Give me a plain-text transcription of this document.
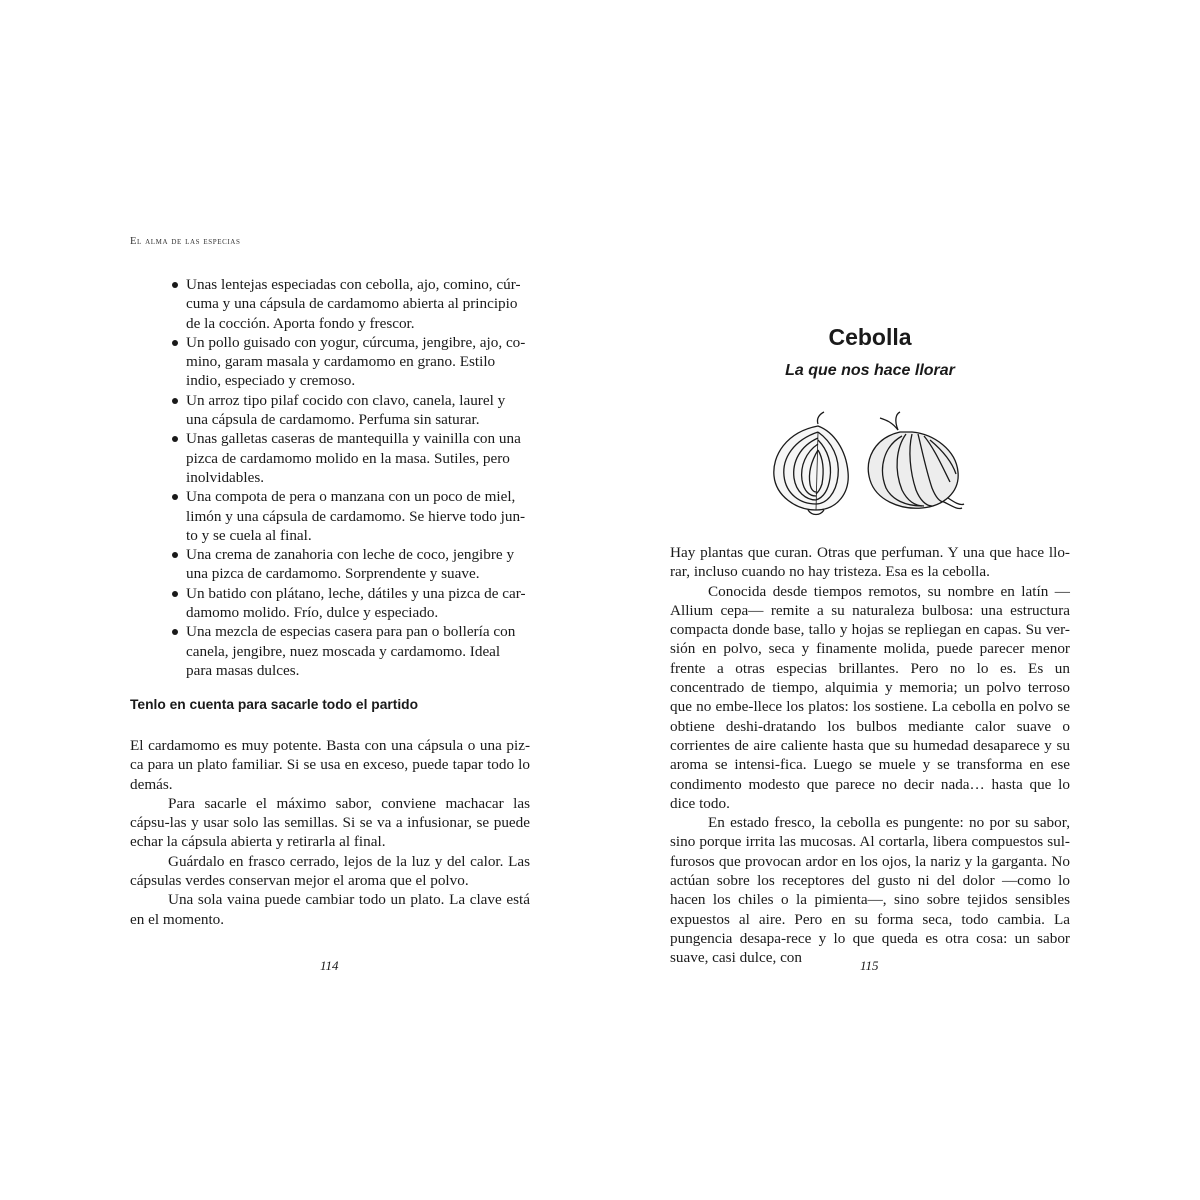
El alma de las especias
Unas lentejas especiadas con cebolla, ajo, comino, cúr-cuma y una cápsula de cardamomo abierta al principio de la cocción. Aporta fondo y frescor.
Un pollo guisado con yogur, cúrcuma, jengibre, ajo, co-mino, garam masala y cardamomo en grano. Estilo indio, especiado y cremoso.
Un arroz tipo pilaf cocido con clavo, canela, laurel y una cápsula de cardamomo. Perfuma sin saturar.
Unas galletas caseras de mantequilla y vainilla con una pizca de cardamomo molido en la masa. Sutiles, pero inolvidables.
Una compota de pera o manzana con un poco de miel, limón y una cápsula de cardamomo. Se hierve todo jun-to y se cuela al final.
Una crema de zanahoria con leche de coco, jengibre y una pizca de cardamomo. Sorprendente y suave.
Un batido con plátano, leche, dátiles y una pizca de car-damomo molido. Frío, dulce y especiado.
Una mezcla de especias casera para pan o bollería con canela, jengibre, nuez moscada y cardamomo. Ideal para masas dulces.
Tenlo en cuenta para sacarle todo el partido

El cardamomo es muy potente. Basta con una cápsula o una piz-ca para un plato familiar. Si se usa en exceso, puede tapar todo lo demás.

Para sacarle el máximo sabor, conviene machacar las cápsu-las y usar solo las semillas. Si se va a infusionar, se puede echar la cápsula abierta y retirarla al final.

Guárdalo en frasco cerrado, lejos de la luz y del calor. Las cápsulas verdes conservan mejor el aroma que el polvo.

Una sola vaina puede cambiar todo un plato. La clave está en el momento.

114
Cebolla
La que nos hace llorar

Hay plantas que curan. Otras que perfuman. Y una que hace llo-rar, incluso cuando no hay tristeza. Esa es la cebolla.

Conocida desde tiempos remotos, su nombre en latín —Allium cepa— remite a su naturaleza bulbosa: una estructura compacta donde base, tallo y hojas se repliegan en capas. Su ver-sión en polvo, seca y finamente molida, puede parecer menor frente a otras especias brillantes. Pero no lo es. Es un concentrado de tiempo, alquimia y memoria; un polvo terroso que no embe-llece los platos: los sostiene. La cebolla en polvo se obtiene deshi-dratando los bulbos mediante calor suave o corrientes de aire caliente hasta que su humedad desaparece y su aroma se intensi-fica. Luego se muele y se transforma en ese condimento modesto que parece no decir nada… hasta que lo dice todo.

En estado fresco, la cebolla es pungente: no por su sabor, sino porque irrita las mucosas. Al cortarla, libera compuestos sul-furosos que provocan ardor en los ojos, la nariz y la garganta. No actúan sobre los receptores del gusto ni del dolor —como lo hacen los chiles o la pimienta—, sino sobre tejidos sensibles expuestos al aire. Pero en su forma seca, todo cambia. La pungencia desapa-rece y lo que queda es otra cosa: un sabor suave, casi dulce, con	115
